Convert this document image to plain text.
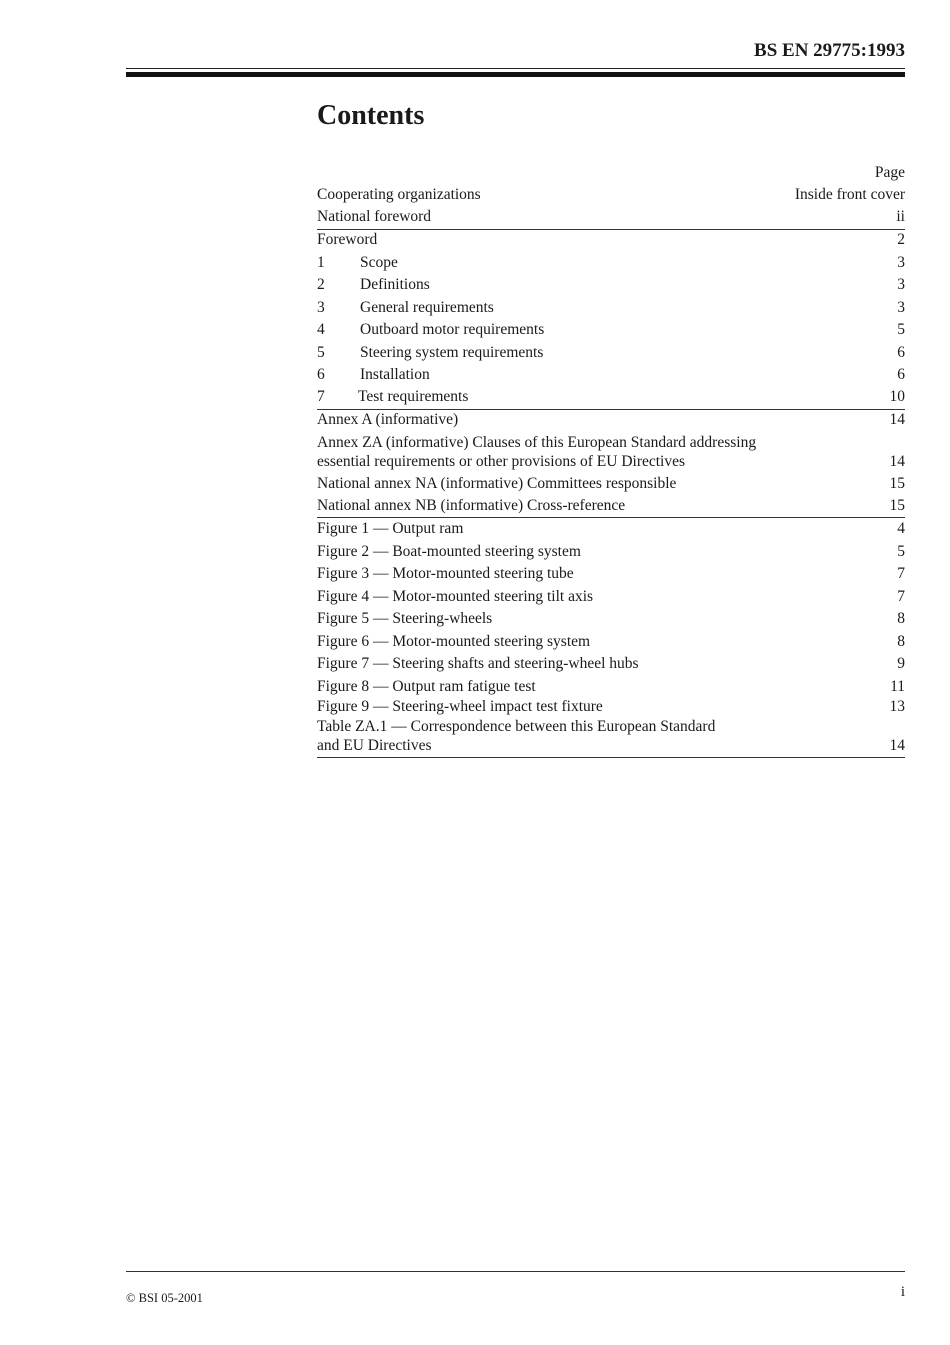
BS EN 29775:1993
Contents
Page
Cooperating organizations	Inside front cover
National foreword	ii
Foreword	2
1	Scope	3
2	Definitions	3
3	General requirements	3
4	Outboard motor requirements	5
5	Steering system requirements	6
6	Installation	6
7	Test requirements	10
Annex A (informative)	14
Annex ZA (informative) Clauses of this European Standard addressing
essential requirements or other provisions of EU Directives	14
National annex NA (informative) Committees responsible	15
National annex NB (informative) Cross-reference	15
Figure 1 — Output ram	4
Figure 2 — Boat-mounted steering system	5
Figure 3 — Motor-mounted steering tube	7
Figure 4 — Motor-mounted steering tilt axis	7
Figure 5 — Steering-wheels	8
Figure 6 — Motor-mounted steering system	8
Figure 7 — Steering shafts and steering-wheel hubs	9
Figure 8 — Output ram fatigue test	11
Figure 9 — Steering-wheel impact test fixture	13
Table ZA.1 — Correspondence between this European Standard
and EU Directives	14
© BSI 05-2001	i
